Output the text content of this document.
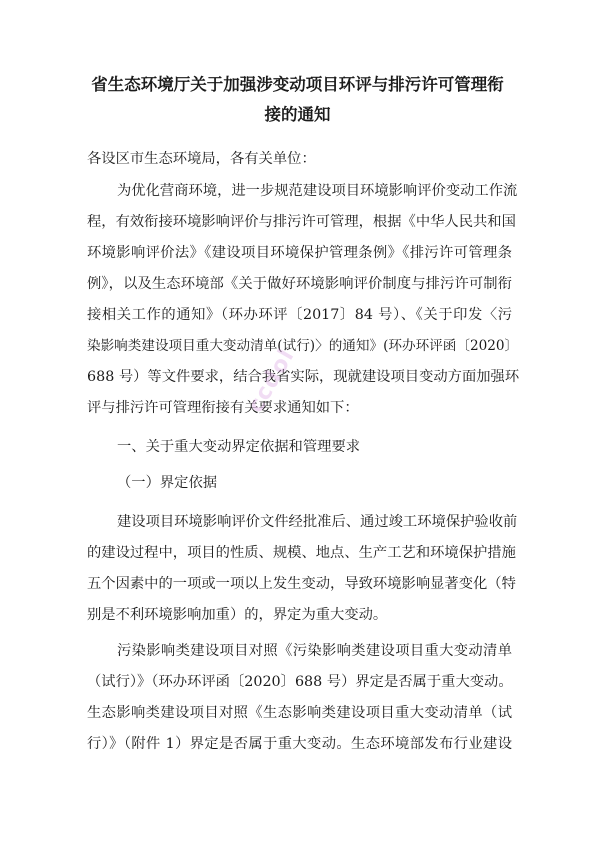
省生态环境厅关于加强涉变动项目环评与排污许可管理衔
接的通知
各设区市生态环境局，各有关单位：
为优化营商环境，进一步规范建设项目环境影响评价变动工作流
程，有效衔接环境影响评价与排污许可管理，根据《中华人民共和国
环境影响评价法》《建设项目环境保护管理条例》《排污许可管理条
例》，以及生态环境部《关于做好环境影响评价制度与排污许可制衔
接相关工作的通知》（环办环评〔2017〕84 号）、《关于印发〈污
染影响类建设项目重大变动清单(试行)〉的通知》(环办环评函〔2020〕
688 号）等文件要求，结合我省实际，现就建设项目变动方面加强环
评与排污许可管理衔接有关要求通知如下：
一、关于重大变动界定依据和管理要求
（一）界定依据
建设项目环境影响评价文件经批准后、通过竣工环境保护验收前
的建设过程中，项目的性质、规模、地点、生产工艺和环境保护措施
五个因素中的一项或一项以上发生变动，导致环境影响显著变化（特
别是不利环境影响加重）的，界定为重大变动。
污染影响类建设项目对照《污染影响类建设项目重大变动清单
（试行）》（环办环评函〔2020〕688 号）界定是否属于重大变动。
生态影响类建设项目对照《生态影响类建设项目重大变动清单（试
行）》（附件 1）界定是否属于重大变动。生态环境部发布行业建设
ccdol
